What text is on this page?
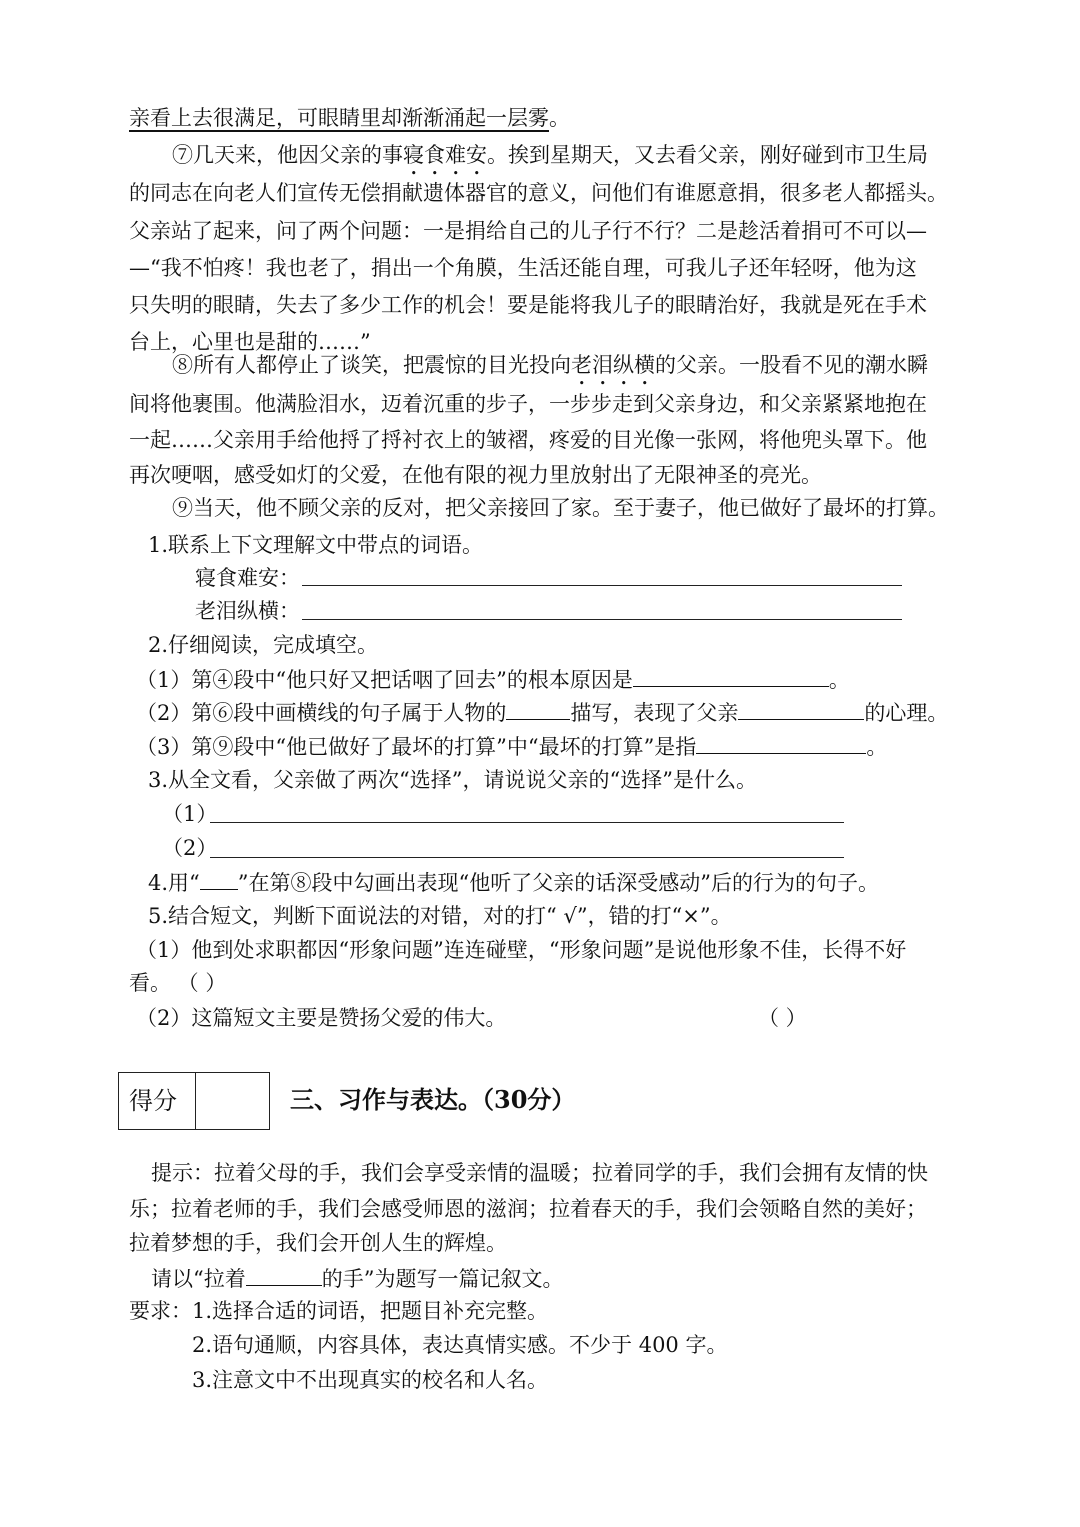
亲看上去很满足，可眼睛里却渐渐涌起一层雾。
⑦几天来，他因父亲的事寝食难安。挨到星期天，又去看父亲，刚好碰到市卫生局
的同志在向老人们宣传无偿捐献遗体器官的意义，问他们有谁愿意捐，很多老人都摇头。
父亲站了起来，问了两个问题：一是捐给自己的儿子行不行？二是趁活着捐可不可以—
—“我不怕疼！我也老了，捐出一个角膜，生活还能自理，可我儿子还年轻呀，他为这
只失明的眼睛，失去了多少工作的机会！要是能将我儿子的眼睛治好，我就是死在手术
台上，心里也是甜的……”
⑧所有人都停止了谈笑，把震惊的目光投向老泪纵横的父亲。一股看不见的潮水瞬
间将他裹围。他满脸泪水，迈着沉重的步子，一步步走到父亲身边，和父亲紧紧地抱在
一起……父亲用手给他捋了捋衬衣上的皱褶，疼爱的目光像一张网，将他兜头罩下。他
再次哽咽，感受如灯的父爱，在他有限的视力里放射出了无限神圣的亮光。
⑨当天，他不顾父亲的反对，把父亲接回了家。至于妻子，他已做好了最坏的打算。
1.联系上下文理解文中带点的词语。
寝食难安：
老泪纵横：
2.仔细阅读，完成填空。
（1）第④段中“他只好又把话咽了回去”的根本原因是	。
（2）第⑥段中画横线的句子属于人物的	描写，表现了父亲	的心理。
（3）第⑨段中“他已做好了最坏的打算”中“最坏的打算”是指	。
3.从全文看，父亲做了两次“选择”，请说说父亲的“选择”是什么。
（1）
（2）
4.用“ ”在第⑧段中勾画出表现“他听了父亲的话深受感动”后的行为的句子。
5.结合短文，判断下面说法的对错，对的打“ √”，错的打“×”。
（1）他到处求职都因“形象问题”连连碰壁，“形象问题”是说他形象不佳，长得不好
看。 （ ）
（2）这篇短文主要是赞扬父爱的伟大。	（ ）
得分	三、习作与表达。（30分）
提示：拉着父母的手，我们会享受亲情的温暖；拉着同学的手，我们会拥有友情的快
乐；拉着老师的手，我们会感受师恩的滋润；拉着春天的手，我们会领略自然的美好；
拉着梦想的手，我们会开创人生的辉煌。
请以“拉着	的手”为题写一篇记叙文。
要求：1.选择合适的词语，把题目补充完整。
2.语句通顺，内容具体，表达真情实感。不少于 400 字。
3.注意文中不出现真实的校名和人名。
